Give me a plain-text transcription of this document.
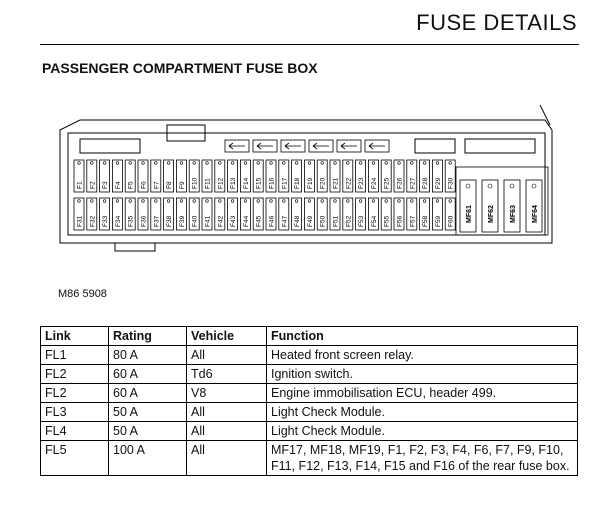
FUSE DETAILS
PASSENGER COMPARTMENT FUSE BOX
F1 F2 F3 F4 F5 F6 F7 F8 F9 F10 F11 F12 F13 F14 F15 F16 F17 F18 F19 F20 F21 F22 F23 F24 F25 F26 F27 F28 F29 F30
F31 F32 F33 F34 F35 F36 F37 F38 F39 F40 F41 F42 F43 F44 F45 F46 F47 F48 F49 F50 F51 F52 F53 F54 F55 F56 F57 F58 F59 F60 MF61 MF62 MF63 MF64
M86 5908
Link	Rating	Vehicle	Function
FL1	80 A	All	Heated front screen relay.
FL2	60 A	Td6	Ignition switch.
FL2	60 A	V8	Engine immobilisation ECU, header 499.
FL3	50 A	All	Light Check Module.
FL4	50 A	All	Light Check Module.
FL5	100 A	All	MF17, MF18, MF19, F1, F2, F3, F4, F6, F7, F9, F10, F11, F12, F13, F14, F15 and F16 of the rear fuse box.
